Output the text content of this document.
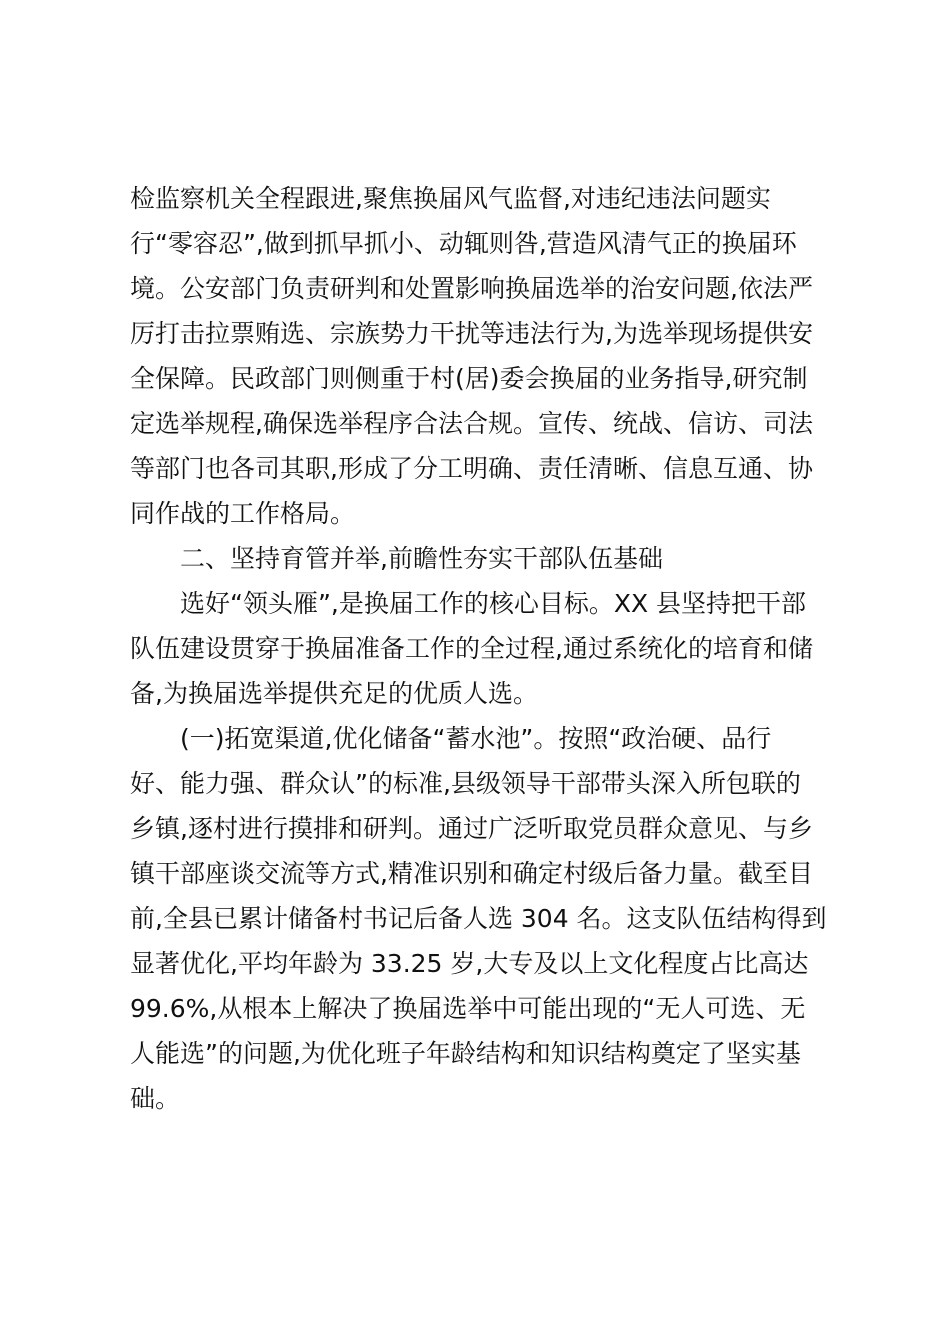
检监察机关全程跟进,聚焦换届风气监督,对违纪违法问题实
行“零容忍”,做到抓早抓小、动辄则咎,营造风清气正的换届环
境。公安部门负责研判和处置影响换届选举的治安问题,依法严
厉打击拉票贿选、宗族势力干扰等违法行为,为选举现场提供安
全保障。民政部门则侧重于村(居)委会换届的业务指导,研究制
定选举规程,确保选举程序合法合规。宣传、统战、信访、司法
等部门也各司其职,形成了分工明确、责任清晰、信息互通、协
同作战的工作格局。
二、坚持育管并举,前瞻性夯实干部队伍基础
选好“领头雁”,是换届工作的核心目标。XX 县坚持把干部
队伍建设贯穿于换届准备工作的全过程,通过系统化的培育和储
备,为换届选举提供充足的优质人选。
(一)拓宽渠道,优化储备“蓄水池”。按照“政治硬、品行
好、能力强、群众认”的标准,县级领导干部带头深入所包联的
乡镇,逐村进行摸排和研判。通过广泛听取党员群众意见、与乡
镇干部座谈交流等方式,精准识别和确定村级后备力量。截至目
前,全县已累计储备村书记后备人选 304 名。这支队伍结构得到
显著优化,平均年龄为 33.25 岁,大专及以上文化程度占比高达
99.6%,从根本上解决了换届选举中可能出现的“无人可选、无
人能选”的问题,为优化班子年龄结构和知识结构奠定了坚实基
础。
